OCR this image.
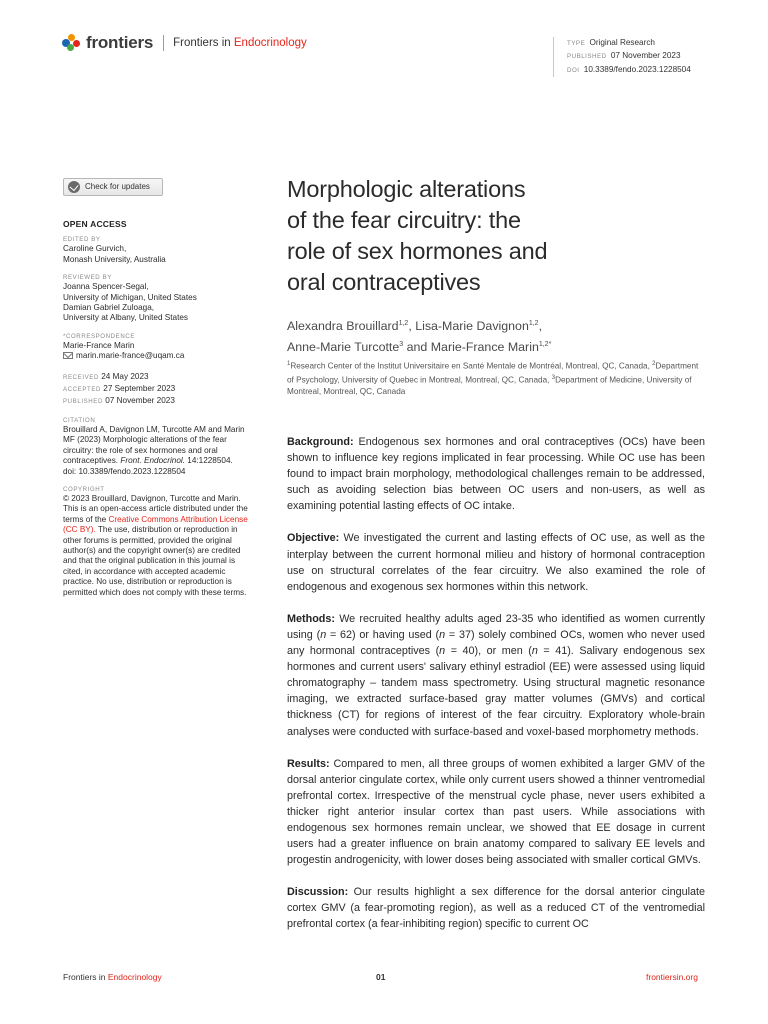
frontiers Frontiers in Endocrinology	TYPE Original Research
PUBLISHED 07 November 2023
DOI 10.3389/fendo.2023.1228504
Check for updates
OPEN ACCESS
EDITED BY

Caroline Gurvich,

Monash University, Australia

REVIEWED BY

Joanna Spencer-Segal,

University of Michigan, United States

Damian Gabriel Zuloaga,

University at Albany, United States

*CORRESPONDENCE

Marie-France Marin

marin.marie-france@uqam.ca

RECEIVED 24 May 2023
ACCEPTED 27 September 2023
PUBLISHED 07 November 2023
CITATION

Brouillard A, Davignon LM, Turcotte AM and Marin MF (2023) Morphologic alterations of the fear circuitry: the role of sex hormones and oral contraceptives. Front. Endocrinol. 14:1228504.
doi: 10.3389/fendo.2023.1228504

COPYRIGHT

© 2023 Brouillard, Davignon, Turcotte and Marin. This is an open-access article distributed under the terms of the Creative Commons Attribution License (CC BY). The use, distribution or reproduction in other forums is permitted, provided the original author(s) and the copyright owner(s) are credited and that the original publication in this journal is cited, in accordance with accepted academic practice. No use, distribution or reproduction is permitted which does not comply with these terms.

Morphologic alterations
of the fear circuitry: the
role of sex hormones and
oral contraceptives
Alexandra Brouillard$^{1,2}$, Lisa-Marie Davignon$^{1,2}$,
Anne-Marie Turcotte$^3$ and Marie-France Marin$^{1,2*}$
$^1$Research Center of the Institut Universitaire en Santé Mentale de Montréal, Montreal, QC, Canada, $^2$Department of Psychology, University of Quebec in Montreal, Montreal, QC, Canada, $^3$Department of Medicine, University of Montreal, Montreal, QC, Canada

Background: Endogenous sex hormones and oral contraceptives (OCs) have been shown to influence key regions implicated in fear processing. While OC use has been found to impact brain morphology, methodological challenges remain to be addressed, such as avoiding selection bias between OC users and non-users, as well as examining potential lasting effects of OC intake.

Objective: We investigated the current and lasting effects of OC use, as well as the interplay between the current hormonal milieu and history of hormonal contraception use on structural correlates of the fear circuitry. We also examined the role of endogenous and exogenous sex hormones within this network.

Methods: We recruited healthy adults aged 23-35 who identified as women currently using (n = 62) or having used (n = 37) solely combined OCs, women who never used any hormonal contraceptives (n = 40), or men (n = 41). Salivary endogenous sex hormones and current users' salivary ethinyl estradiol (EE) were assessed using liquid chromatography – tandem mass spectrometry. Using structural magnetic resonance imaging, we extracted surface-based gray matter volumes (GMVs) and cortical thickness (CT) for regions of interest of the fear circuitry. Exploratory whole-brain analyses were conducted with surface-based and voxel-based morphometry methods.

Results: Compared to men, all three groups of women exhibited a larger GMV of the dorsal anterior cingulate cortex, while only current users showed a thinner ventromedial prefrontal cortex. Irrespective of the menstrual cycle phase, never users exhibited a thicker right anterior insular cortex than past users. While associations with endogenous sex hormones remain unclear, we showed that EE dosage in current users had a greater influence on brain anatomy compared to salivary EE levels and progestin androgenicity, with lower doses being associated with smaller cortical GMVs.

Discussion: Our results highlight a sex difference for the dorsal anterior cingulate cortex GMV (a fear-promoting region), as well as a reduced CT of the ventromedial prefrontal cortex (a fear-inhibiting region) specific to current OC

Frontiers in Endocrinology	01	frontiersin.org
